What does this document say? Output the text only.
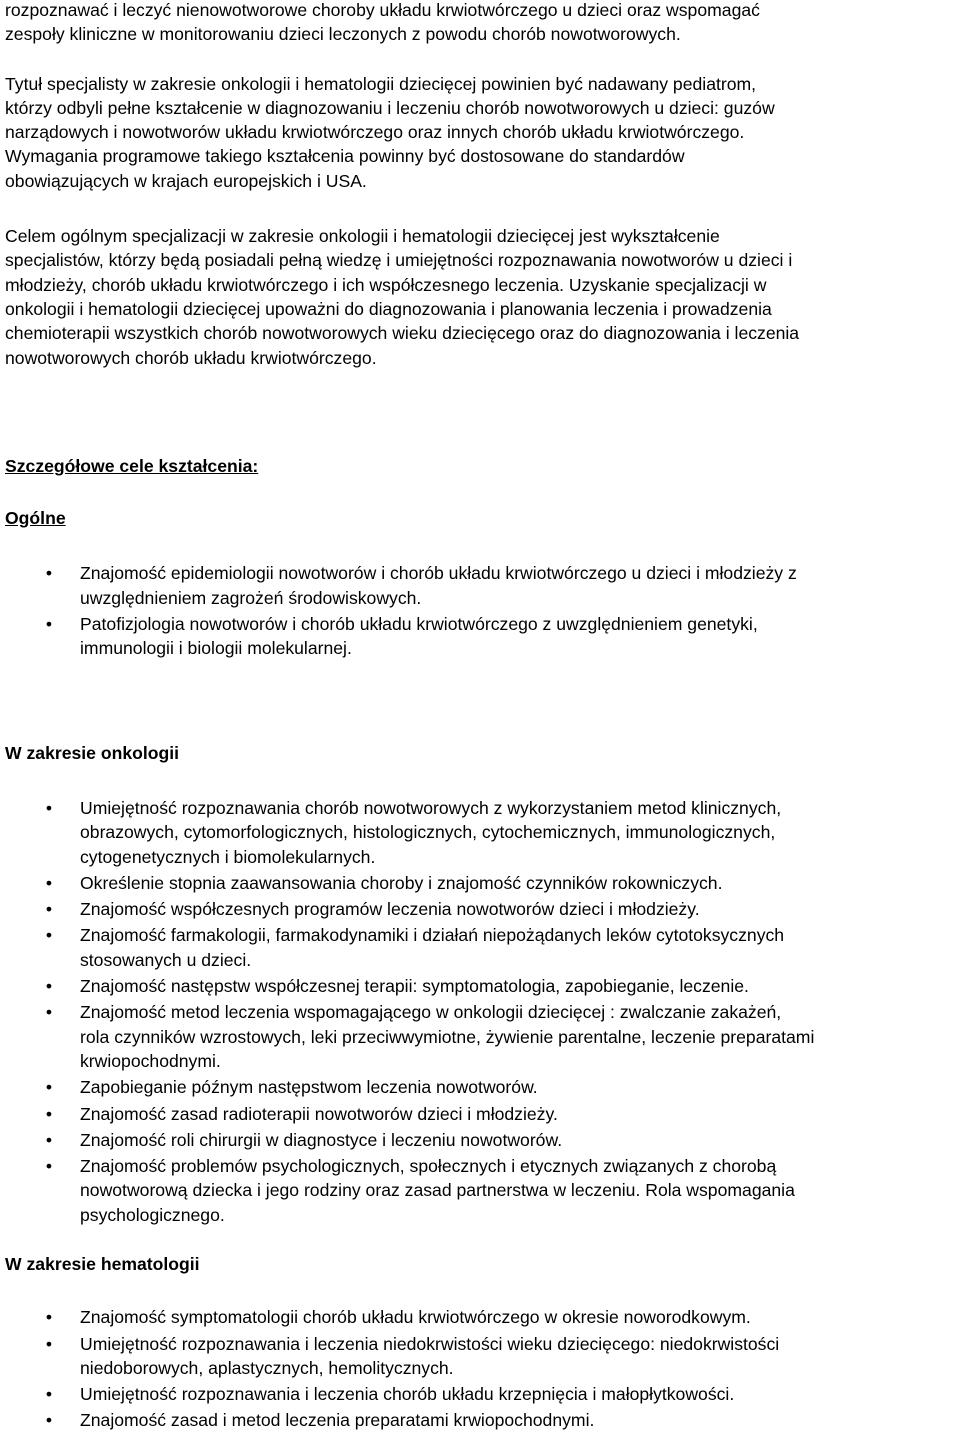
rozpoznawać i leczyć nienowotworowe choroby układu krwiotwórczego u dzieci oraz wspomagać
zespoły kliniczne w monitorowaniu dzieci leczonych z powodu chorób nowotworowych.

Tytuł specjalisty w zakresie onkologii i hematologii dziecięcej powinien być nadawany pediatrom,
którzy odbyli pełne kształcenie w diagnozowaniu i leczeniu chorób nowotworowych u dzieci: guzów
narządowych i nowotworów układu krwiotwórczego oraz innych chorób układu krwiotwórczego.
Wymagania programowe takiego kształcenia powinny być dostosowane do standardów
obowiązujących w krajach europejskich i USA.

Celem ogólnym specjalizacji w zakresie onkologii i hematologii dziecięcej jest wykształcenie
specjalistów, którzy będą posiadali pełną wiedzę i umiejętności rozpoznawania nowotworów u dzieci i
młodzieży, chorób układu krwiotwórczego i ich współczesnego leczenia. Uzyskanie specjalizacji w
onkologii i hematologii dziecięcej upoważni do diagnozowania i planowania leczenia i prowadzenia
chemioterapii wszystkich chorób nowotworowych wieku dziecięcego oraz do diagnozowania i leczenia
nowotworowych chorób układu krwiotwórczego.

Szczegółowe cele kształcenia:
Ogólne
• Znajomość epidemiologii nowotworów i chorób układu krwiotwórczego u dzieci i młodzieży z
uwzględnieniem zagrożeń środowiskowych.
• Patofizjologia nowotworów i chorób układu krwiotwórczego z uwzględnieniem genetyki,
immunologii i biologii molekularnej.
W zakresie onkologii
• Umiejętność rozpoznawania chorób nowotworowych z wykorzystaniem metod klinicznych,
obrazowych, cytomorfologicznych, histologicznych, cytochemicznych, immunologicznych,
cytogenetycznych i biomolekularnych.
• Określenie stopnia zaawansowania choroby i znajomość czynników rokowniczych.
• Znajomość współczesnych programów leczenia nowotworów dzieci i młodzieży.
• Znajomość farmakologii, farmakodynamiki i działań niepożądanych leków cytotoksycznych
stosowanych u dzieci.
• Znajomość następstw współczesnej terapii: symptomatologia, zapobieganie, leczenie.
• Znajomość metod leczenia wspomagającego w onkologii dziecięcej : zwalczanie zakażeń,
rola czynników wzrostowych, leki przeciwwymiotne, żywienie parentalne, leczenie preparatami
krwiopochodnymi.
• Zapobieganie późnym następstwom leczenia nowotworów.
• Znajomość zasad radioterapii nowotworów dzieci i młodzieży.
• Znajomość roli chirurgii w diagnostyce i leczeniu nowotworów.
• Znajomość problemów psychologicznych, społecznych i etycznych związanych z chorobą
nowotworową dziecka i jego rodziny oraz zasad partnerstwa w leczeniu. Rola wspomagania
psychologicznego.
W zakresie hematologii
• Znajomość symptomatologii chorób układu krwiotwórczego w okresie noworodkowym.
• Umiejętność rozpoznawania i leczenia niedokrwistości wieku dziecięcego: niedokrwistości
niedoborowych, aplastycznych, hemolitycznych.
• Umiejętność rozpoznawania i leczenia chorób układu krzepnięcia i małopłytkowości.
• Znajomość zasad i metod leczenia preparatami krwiopochodnymi.
